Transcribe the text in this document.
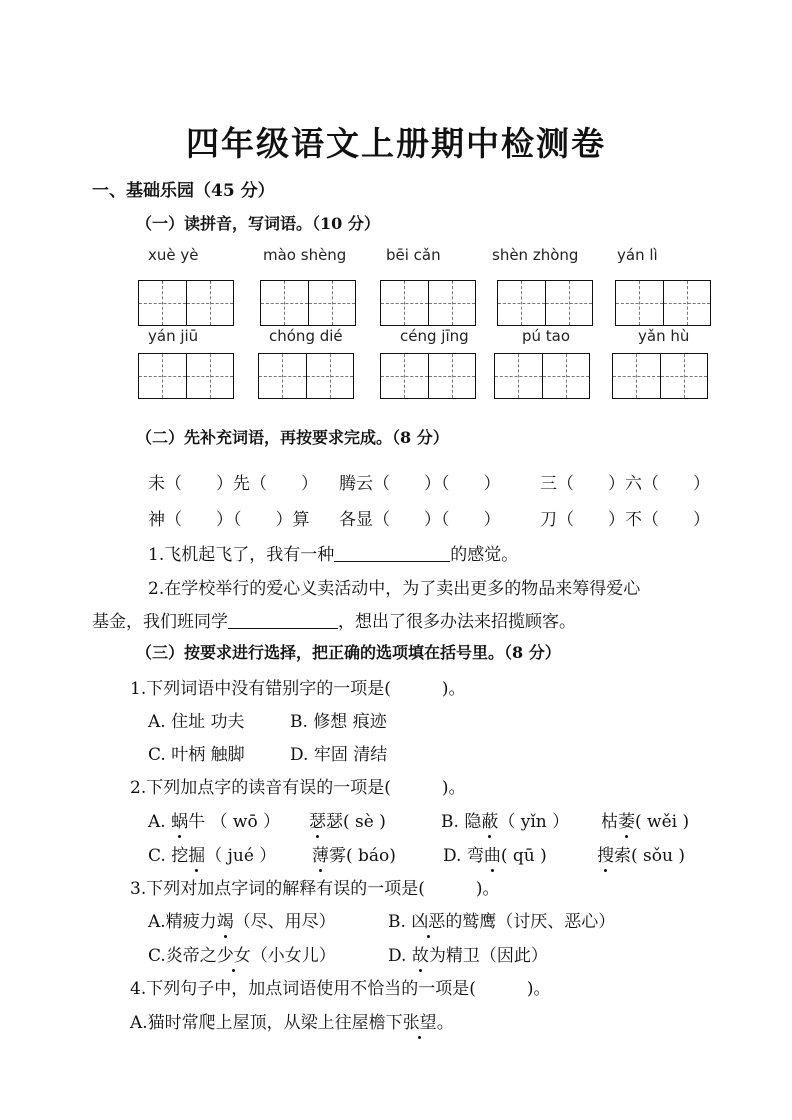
四年级语文上册期中检测卷
一、基础乐园（45 分）
（一）读拼音，写词语。（10 分）
xuè yè	mào shèng	bēi cǎn	shèn zhòng	yán lì
yán jiū	chóng dié	céng jīng	pú tao	yǎn hù
（二）先补充词语，再按要求完成。（8 分）
未（　　）先（　　） 腾云（　　）（　　） 三（　　）六（　　）
神（　　）（　　）算 各显（　　）（　　） 刀（　　）不（　　）
1.飞机起飞了，我有一种	的感觉。
2.在学校举行的爱心义卖活动中，为了卖出更多的物品来筹得爱心
基金，我们班同学	，想出了很多办法来招揽顾客。
（三）按要求进行选择，把正确的选项填在括号里。（8 分）
1.下列词语中没有错别字的一项是(　　　)。
A. 住址 功夫	B. 修想 痕迹
C. 叶柄 触脚	D. 牢固 清结
2.下列加点字的读音有误的一项是(　　　)。
A. 蜗牛 （ wō ） 瑟瑟( sè )	B. 隐蔽（ yǐn ） 枯萎( wěi )
C. 挖掘（ jué ） 薄雾( báo)	D. 弯曲( qū )	搜索( sǒu )
3.下列对加点字词的解释有误的一项是(　　　)。
A.精疲力竭（尽、用尽）	B. 凶恶的鹫鹰（讨厌、恶心）
C.炎帝之少女（小女儿）	D. 故为精卫（因此）
4.下列句子中，加点词语使用不恰当的一项是(　　　)。
A.猫时常爬上屋顶，从梁上往屋檐下张望。
